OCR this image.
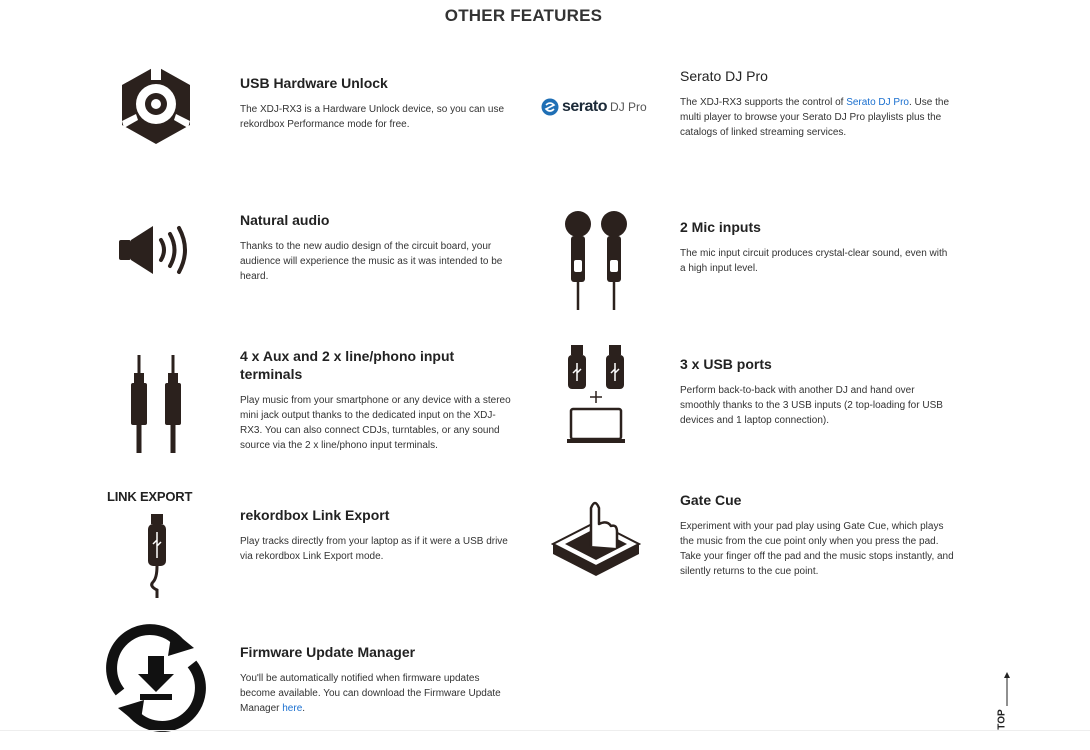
OTHER FEATURES
USB Hardware Unlock

The XDJ-RX3 is a Hardware Unlock device, so you can use rekordbox Performance mode for free.

serato DJ Pro
Serato DJ Pro

The XDJ-RX3 supports the control of Serato DJ Pro. Use the multi player to browse your Serato DJ Pro playlists plus the catalogs of linked streaming services.

Natural audio

Thanks to the new audio design of the circuit board, your audience will experience the music as it was intended to be heard.

2 Mic inputs

The mic input circuit produces crystal-clear sound, even with a high input level.

4 x Aux and 2 x line/phono input terminals

Play music from your smartphone or any device with a stereo mini jack output thanks to the dedicated input on the XDJ-RX3. You can also connect CDJs, turntables, or any sound source via the 2 x line/phono input terminals.

3 x USB ports

Perform back-to-back with another DJ and hand over smoothly thanks to the 3 USB inputs (2 top-loading for USB devices and 1 laptop connection).

LINK EXPORT
rekordbox Link Export

Play tracks directly from your laptop as if it were a USB drive via rekordbox Link Export mode.

Gate Cue

Experiment with your pad play using Gate Cue, which plays the music from the cue point only when you press the pad. Take your finger off the pad and the music stops instantly, and silently returns to the cue point.

Firmware Update Manager

You'll be automatically notified when firmware updates become available. You can download the Firmware Update Manager here.

TOP
